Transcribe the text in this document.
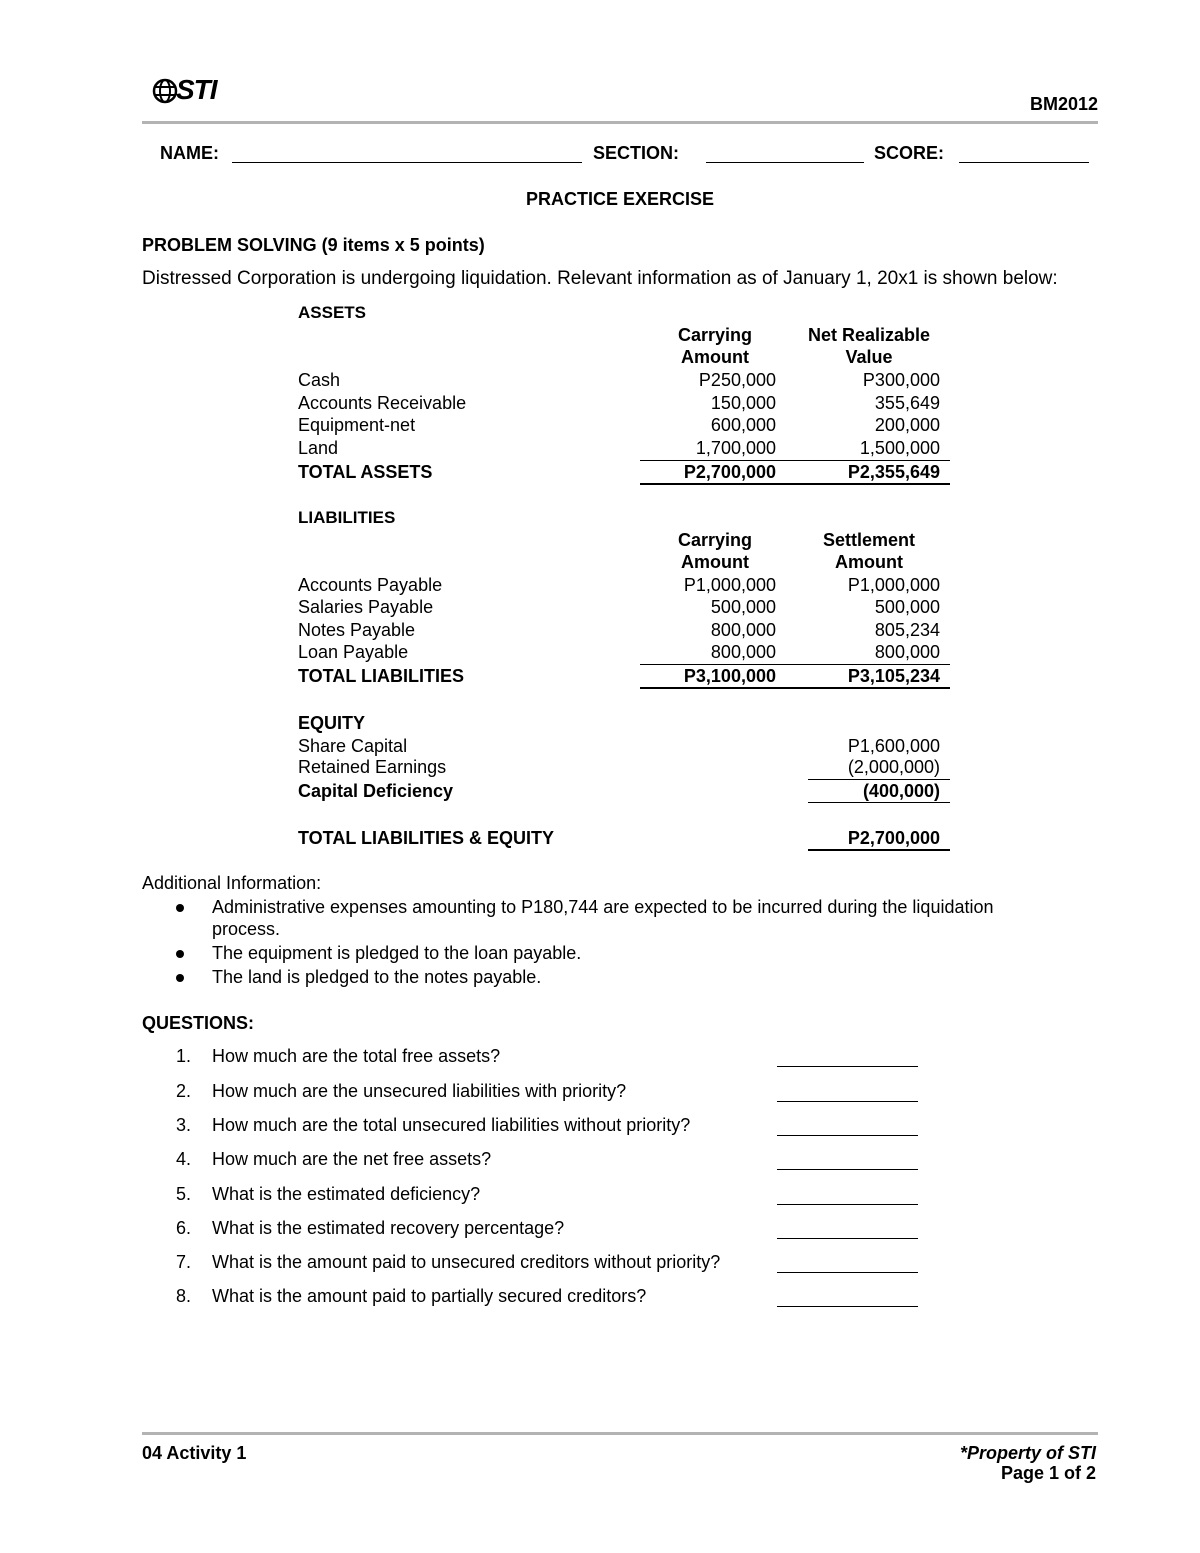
STI	BM2012
NAME:	SECTION:	SCORE:
PRACTICE EXERCISE
PROBLEM SOLVING (9 items x 5 points)
Distressed Corporation is undergoing liquidation. Relevant information as of January 1, 20x1 is shown below:
ASSETS
Carrying
Amount
Net Realizable
Value
Cash	P250,000	P300,000
Accounts Receivable	150,000	355,649
Equipment-net	600,000	200,000
Land	1,700,000	1,500,000
TOTAL ASSETS	P2,700,000	P2,355,649
LIABILITIES
Carrying
Amount
Settlement
Amount
Accounts Payable	P1,000,000	P1,000,000
Salaries Payable	500,000	500,000
Notes Payable	800,000	805,234
Loan Payable	800,000	800,000
TOTAL LIABILITIES	P3,100,000	P3,105,234
EQUITY
Share Capital	P1,600,000
Retained Earnings	(2,000,000)
Capital Deficiency	(400,000)
TOTAL LIABILITIES & EQUITY	P2,700,000
Additional Information:
Administrative expenses amounting to P180,744 are expected to be incurred during the liquidation
process.
The equipment is pledged to the loan payable.
The land is pledged to the notes payable.
QUESTIONS:
1. How much are the total free assets?
2. How much are the unsecured liabilities with priority?
3. How much are the total unsecured liabilities without priority?
4. How much are the net free assets?
5. What is the estimated deficiency?
6. What is the estimated recovery percentage?
7. What is the amount paid to unsecured creditors without priority?
8. What is the amount paid to partially secured creditors?
04 Activity 1	*Property of STI
Page 1 of 2
